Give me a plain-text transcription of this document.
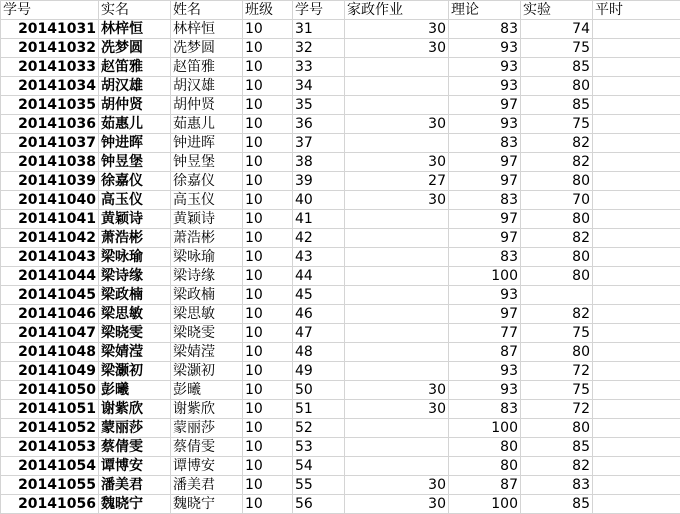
学号	实名	姓名	班级	学号	家政作业	理论	实验	平时
20141031	林梓恒	林梓恒	10	31	30	83	74	
20141032	冼梦圆	冼梦圆	10	32	30	93	75	
20141033	赵笛雅	赵笛雅	10	33		93	85	
20141034	胡汉雄	胡汉雄	10	34		93	80	
20141035	胡仲贤	胡仲贤	10	35		97	85	
20141036	茹惠儿	茹惠儿	10	36	30	93	75	
20141037	钟进晖	钟进晖	10	37		83	82	
20141038	钟昱堡	钟昱堡	10	38	30	97	82	
20141039	徐嘉仪	徐嘉仪	10	39	27	97	80	
20141040	高玉仪	高玉仪	10	40	30	83	70	
20141041	黄颖诗	黄颖诗	10	41		97	80	
20141042	萧浩彬	萧浩彬	10	42		97	82	
20141043	梁咏瑜	梁咏瑜	10	43		83	80	
20141044	梁诗缘	梁诗缘	10	44		100	80	
20141045	梁政楠	梁政楠	10	45		93		
20141046	梁思敏	梁思敏	10	46		97	82	
20141047	梁晓雯	梁晓雯	10	47		77	75	
20141048	梁婧滢	梁婧滢	10	48		87	80	
20141049	梁灏初	梁灏初	10	49		93	72	
20141050	彭曦	彭曦	10	50	30	93	75	
20141051	谢紫欣	谢紫欣	10	51	30	83	72	
20141052	蒙丽莎	蒙丽莎	10	52		100	80	
20141053	蔡倩雯	蔡倩雯	10	53		80	85	
20141054	谭博安	谭博安	10	54		80	82	
20141055	潘美君	潘美君	10	55	30	87	83	
20141056	魏晓宁	魏晓宁	10	56	30	100	85	
